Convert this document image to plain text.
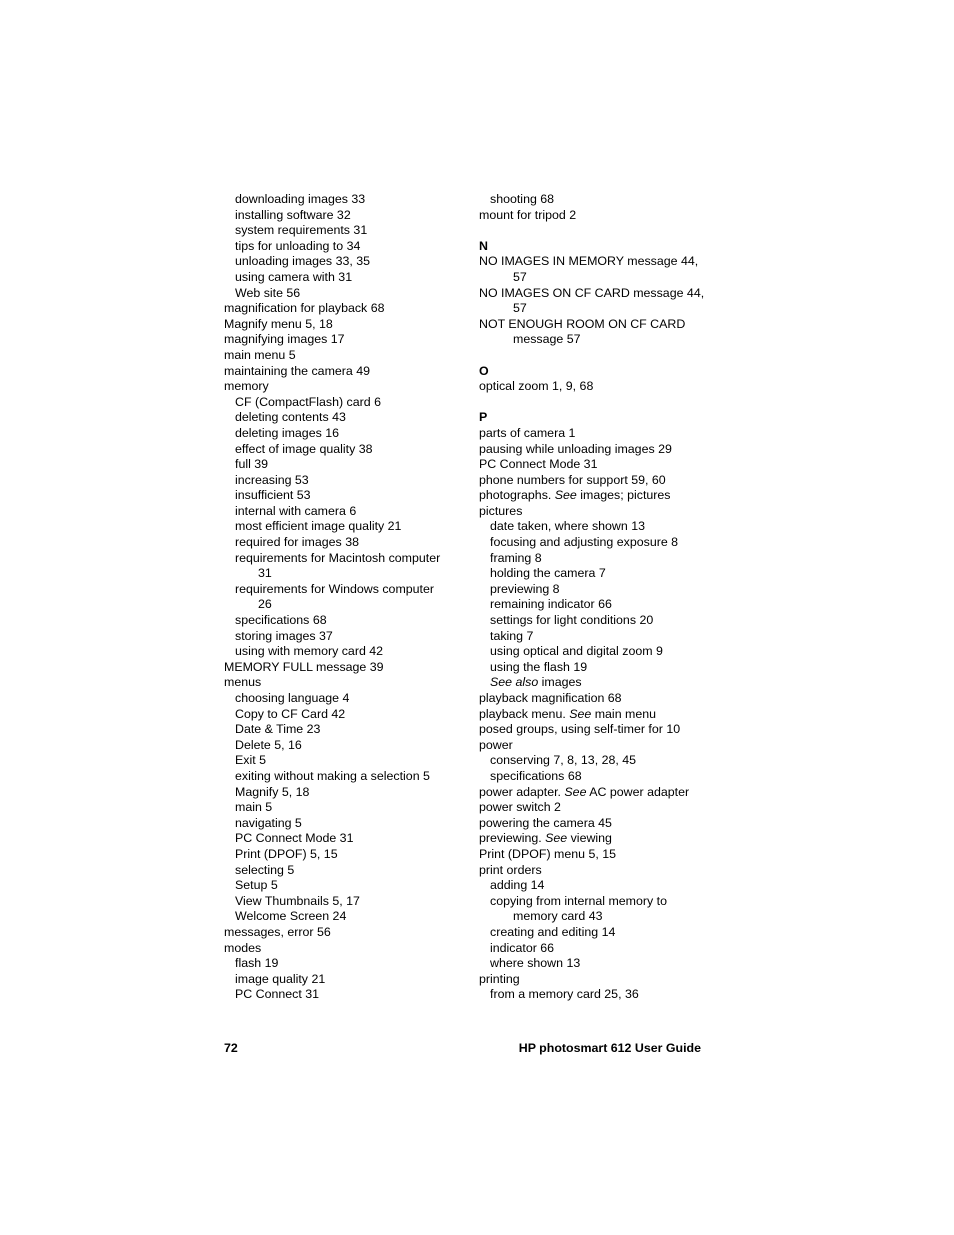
downloading images 33
installing software 32
system requirements 31
tips for unloading to 34
unloading images 33, 35
using camera with 31
Web site 56
magnification for playback 68
Magnify menu 5, 18
magnifying images 17
main menu 5
maintaining the camera 49
memory
CF (CompactFlash) card 6
deleting contents 43
deleting images 16
effect of image quality 38
full 39
increasing 53
insufficient 53
internal with camera 6
most efficient image quality 21
required for images 38
requirements for Macintosh computer
31
requirements for Windows computer
26
specifications 68
storing images 37
using with memory card 42
MEMORY FULL message 39
menus
choosing language 4
Copy to CF Card 42
Date & Time 23
Delete 5, 16
Exit 5
exiting without making a selection 5
Magnify 5, 18
main 5
navigating 5
PC Connect Mode 31
Print (DPOF) 5, 15
selecting 5
Setup 5
View Thumbnails 5, 17
Welcome Screen 24
messages, error 56
modes
flash 19
image quality 21
PC Connect 31
shooting 68
mount for tripod 2
N
NO IMAGES IN MEMORY message 44,
57
NO IMAGES ON CF CARD message 44,
57
NOT ENOUGH ROOM ON CF CARD
message 57
O
optical zoom 1, 9, 68
P
parts of camera 1
pausing while unloading images 29
PC Connect Mode 31
phone numbers for support 59, 60
photographs. See images; pictures
pictures
date taken, where shown 13
focusing and adjusting exposure 8
framing 8
holding the camera 7
previewing 8
remaining indicator 66
settings for light conditions 20
taking 7
using optical and digital zoom 9
using the flash 19
See also images
playback magnification 68
playback menu. See main menu
posed groups, using self-timer for 10
power
conserving 7, 8, 13, 28, 45
specifications 68
power adapter. See AC power adapter
power switch 2
powering the camera 45
previewing. See viewing
Print (DPOF) menu 5, 15
print orders
adding 14
copying from internal memory to
memory card 43
creating and editing 14
indicator 66
where shown 13
printing
from a memory card 25, 36
72	HP photosmart 612 User Guide
